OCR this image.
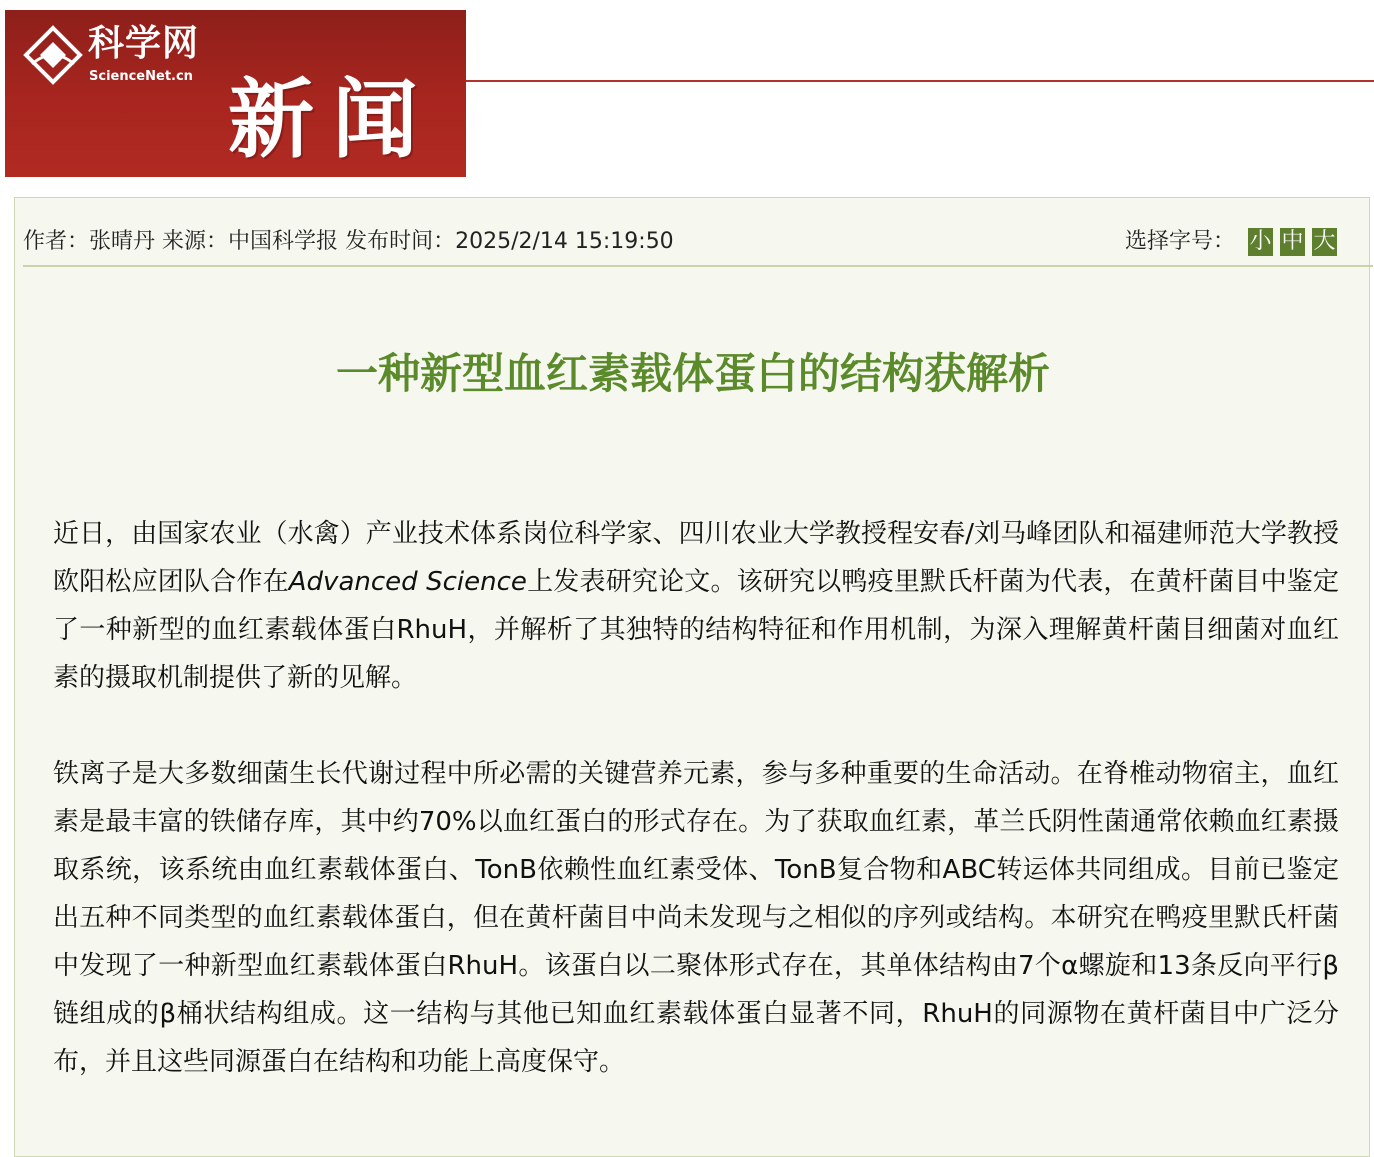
科学网
ScienceNet.cn 新闻
作者：张晴丹 来源：中国科学报 发布时间：2025/2/14 15:19:50	选择字号： 小 中 大
一种新型血红素载体蛋白的结构获解析

近日，由国家农业（水禽）产业技术体系岗位科学家、四川农业大学教授程安春/刘马峰团队和福建师范大学教授欧阳松应团队合作在Advanced Science上发表研究论文。该研究以鸭疫里默氏杆菌为代表，在黄杆菌目中鉴定了一种新型的血红素载体蛋白RhuH，并解析了其独特的结构特征和作用机制，为深入理解黄杆菌目细菌对血红素的摄取机制提供了新的见解。

铁离子是大多数细菌生长代谢过程中所必需的关键营养元素，参与多种重要的生命活动。在脊椎动物宿主，血红素是最丰富的铁储存库，其中约70%以血红蛋白的形式存在。为了获取血红素，革兰氏阴性菌通常依赖血红素摄取系统，该系统由血红素载体蛋白、TonB依赖性血红素受体、TonB复合物和ABC转运体共同组成。目前已鉴定出五种不同类型的血红素载体蛋白，但在黄杆菌目中尚未发现与之相似的序列或结构。本研究在鸭疫里默氏杆菌中发现了一种新型血红素载体蛋白RhuH。该蛋白以二聚体形式存在，其单体结构由7个α螺旋和13条反向平行β链组成的β桶状结构组成。这一结构与其他已知血红素载体蛋白显著不同，RhuH的同源物在黄杆菌目中广泛分布，并且这些同源蛋白在结构和功能上高度保守。
